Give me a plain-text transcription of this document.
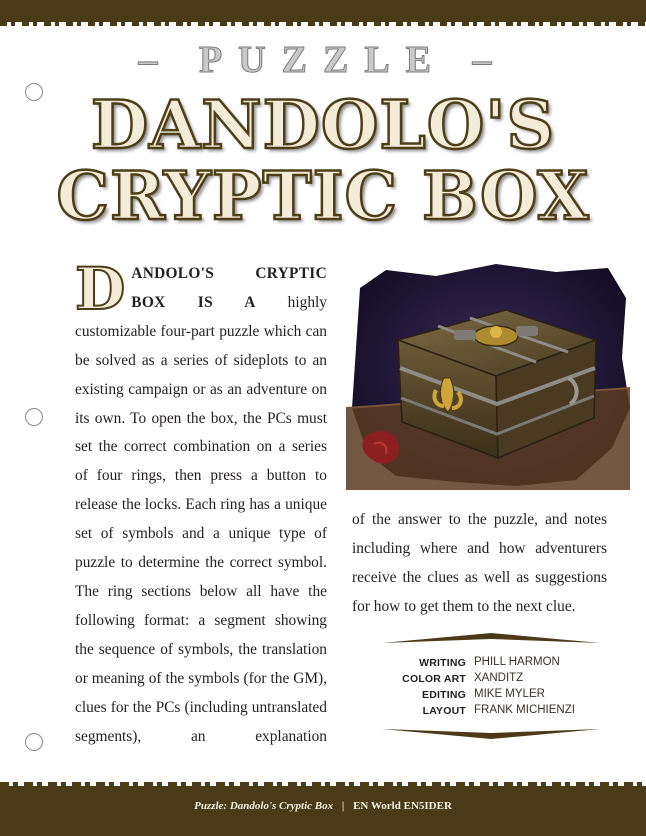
– PUZZLE –
DANDOLO'S
CRYPTIC BOX
D ANDOLO'S CRYPTIC BOX IS A highly customizable four-part puzzle which can be solved as a series of sideplots to an existing campaign or as an adventure on its own. To open the box, the PCs must set the correct combination on a series of four rings, then press a button to release the locks. Each ring has a unique set of symbols and a unique type of puzzle to determine the correct symbol. The ring sections below all have the following format: a segment showing the sequence of symbols, the translation or meaning of the symbols (for the GM), clues for the PCs (including untranslated segments), an explanation
of the answer to the puzzle, and notes including where and how adventurers receive the clues as well as suggestions for how to get them to the next clue.
WRITING PHILL HARMON
COLOR ART XANDITZ
EDITING MIKE MYLER
LAYOUT FRANK MICHIENZI
Puzzle: Dandolo's Cryptic Box | EN World EN5IDER
